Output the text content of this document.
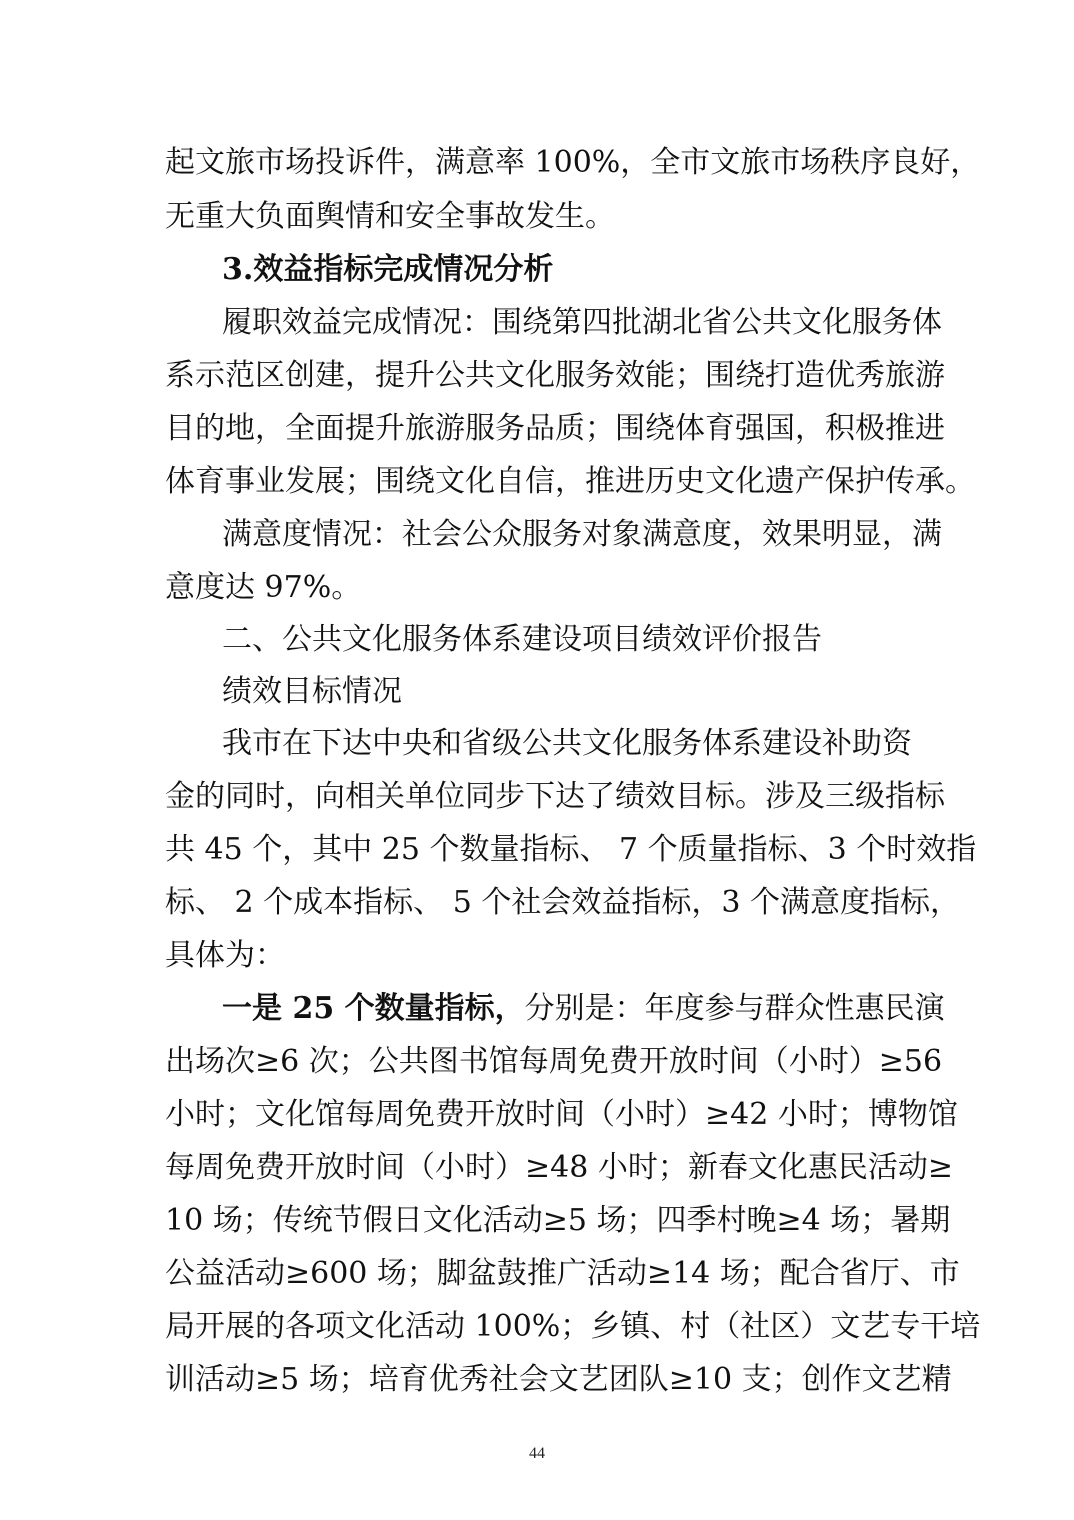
起文旅市场投诉件，满意率 100%，全市文旅市场秩序良好，
无重大负面舆情和安全事故发生。
3.效益指标完成情况分析
履职效益完成情况：围绕第四批湖北省公共文化服务体
系示范区创建，提升公共文化服务效能；围绕打造优秀旅游
目的地，全面提升旅游服务品质；围绕体育强国，积极推进
体育事业发展；围绕文化自信，推进历史文化遗产保护传承。
满意度情况：社会公众服务对象满意度，效果明显，满
意度达 97%。
二、公共文化服务体系建设项目绩效评价报告
绩效目标情况
我市在下达中央和省级公共文化服务体系建设补助资
金的同时，向相关单位同步下达了绩效目标。涉及三级指标
共 45 个，其中 25 个数量指标、 7 个质量指标、3 个时效指
标、 2 个成本指标、 5 个社会效益指标，3 个满意度指标，
具体为：
一是 25 个数量指标，分别是：年度参与群众性惠民演
出场次≥6 次；公共图书馆每周免费开放时间（小时）≥56
小时；文化馆每周免费开放时间（小时）≥42 小时；博物馆
每周免费开放时间（小时）≥48 小时；新春文化惠民活动≥
10 场；传统节假日文化活动≥5 场；四季村晚≥4 场；暑期
公益活动≥600 场；脚盆鼓推广活动≥14 场；配合省厅、市
局开展的各项文化活动 100%；乡镇、村（社区）文艺专干培
训活动≥5 场；培育优秀社会文艺团队≥10 支；创作文艺精
44
